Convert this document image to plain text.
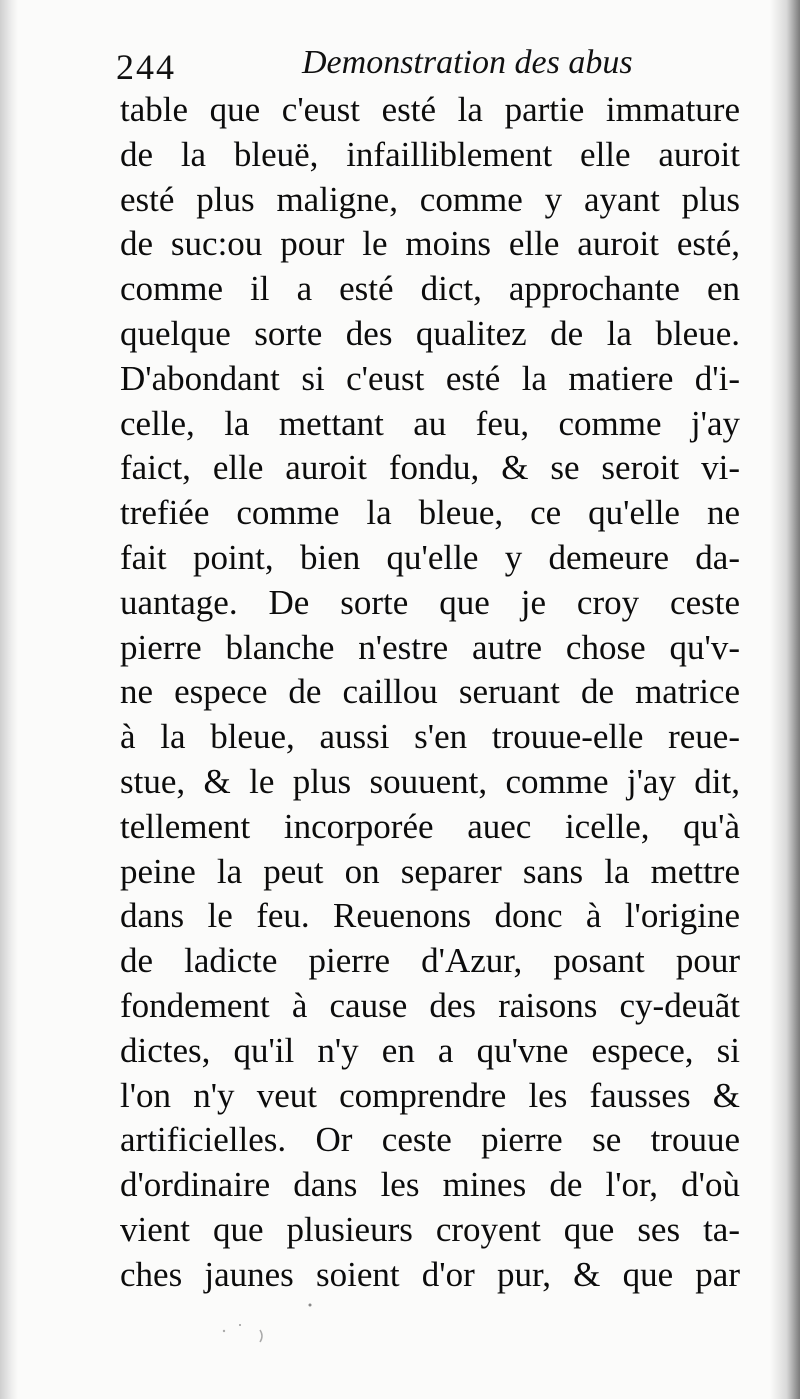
244	Demonstration des abus
table que c'eust esté la partie immature
de la bleuë, infailliblement elle auroit
esté plus maligne, comme y ayant plus
de suc:ou pour le moins elle auroit esté,
comme il a esté dict, approchante en
quelque sorte des qualitez de la bleue.
D'abondant si c'eust esté la matiere d'i-
celle, la mettant au feu, comme j'ay
faict, elle auroit fondu, & se seroit vi-
trefiée comme la bleue, ce qu'elle ne
fait point, bien qu'elle y demeure da-
uantage. De sorte que je croy ceste
pierre blanche n'estre autre chose qu'v-
ne espece de caillou seruant de matrice
à la bleue, aussi s'en trouue-elle reue-
stue, & le plus souuent, comme j'ay dit,
tellement incorporée auec icelle, qu'à
peine la peut on separer sans la mettre
dans le feu. Reuenons donc à l'origine
de ladicte pierre d'Azur, posant pour
fondement à cause des raisons cy-deuãt
dictes, qu'il n'y en a qu'vne espece, si
l'on n'y veut comprendre les fausses &
artificielles. Or ceste pierre se trouue
d'ordinaire dans les mines de l'or, d'où
vient que plusieurs croyent que ses ta-
ches jaunes soient d'or pur, & que par
